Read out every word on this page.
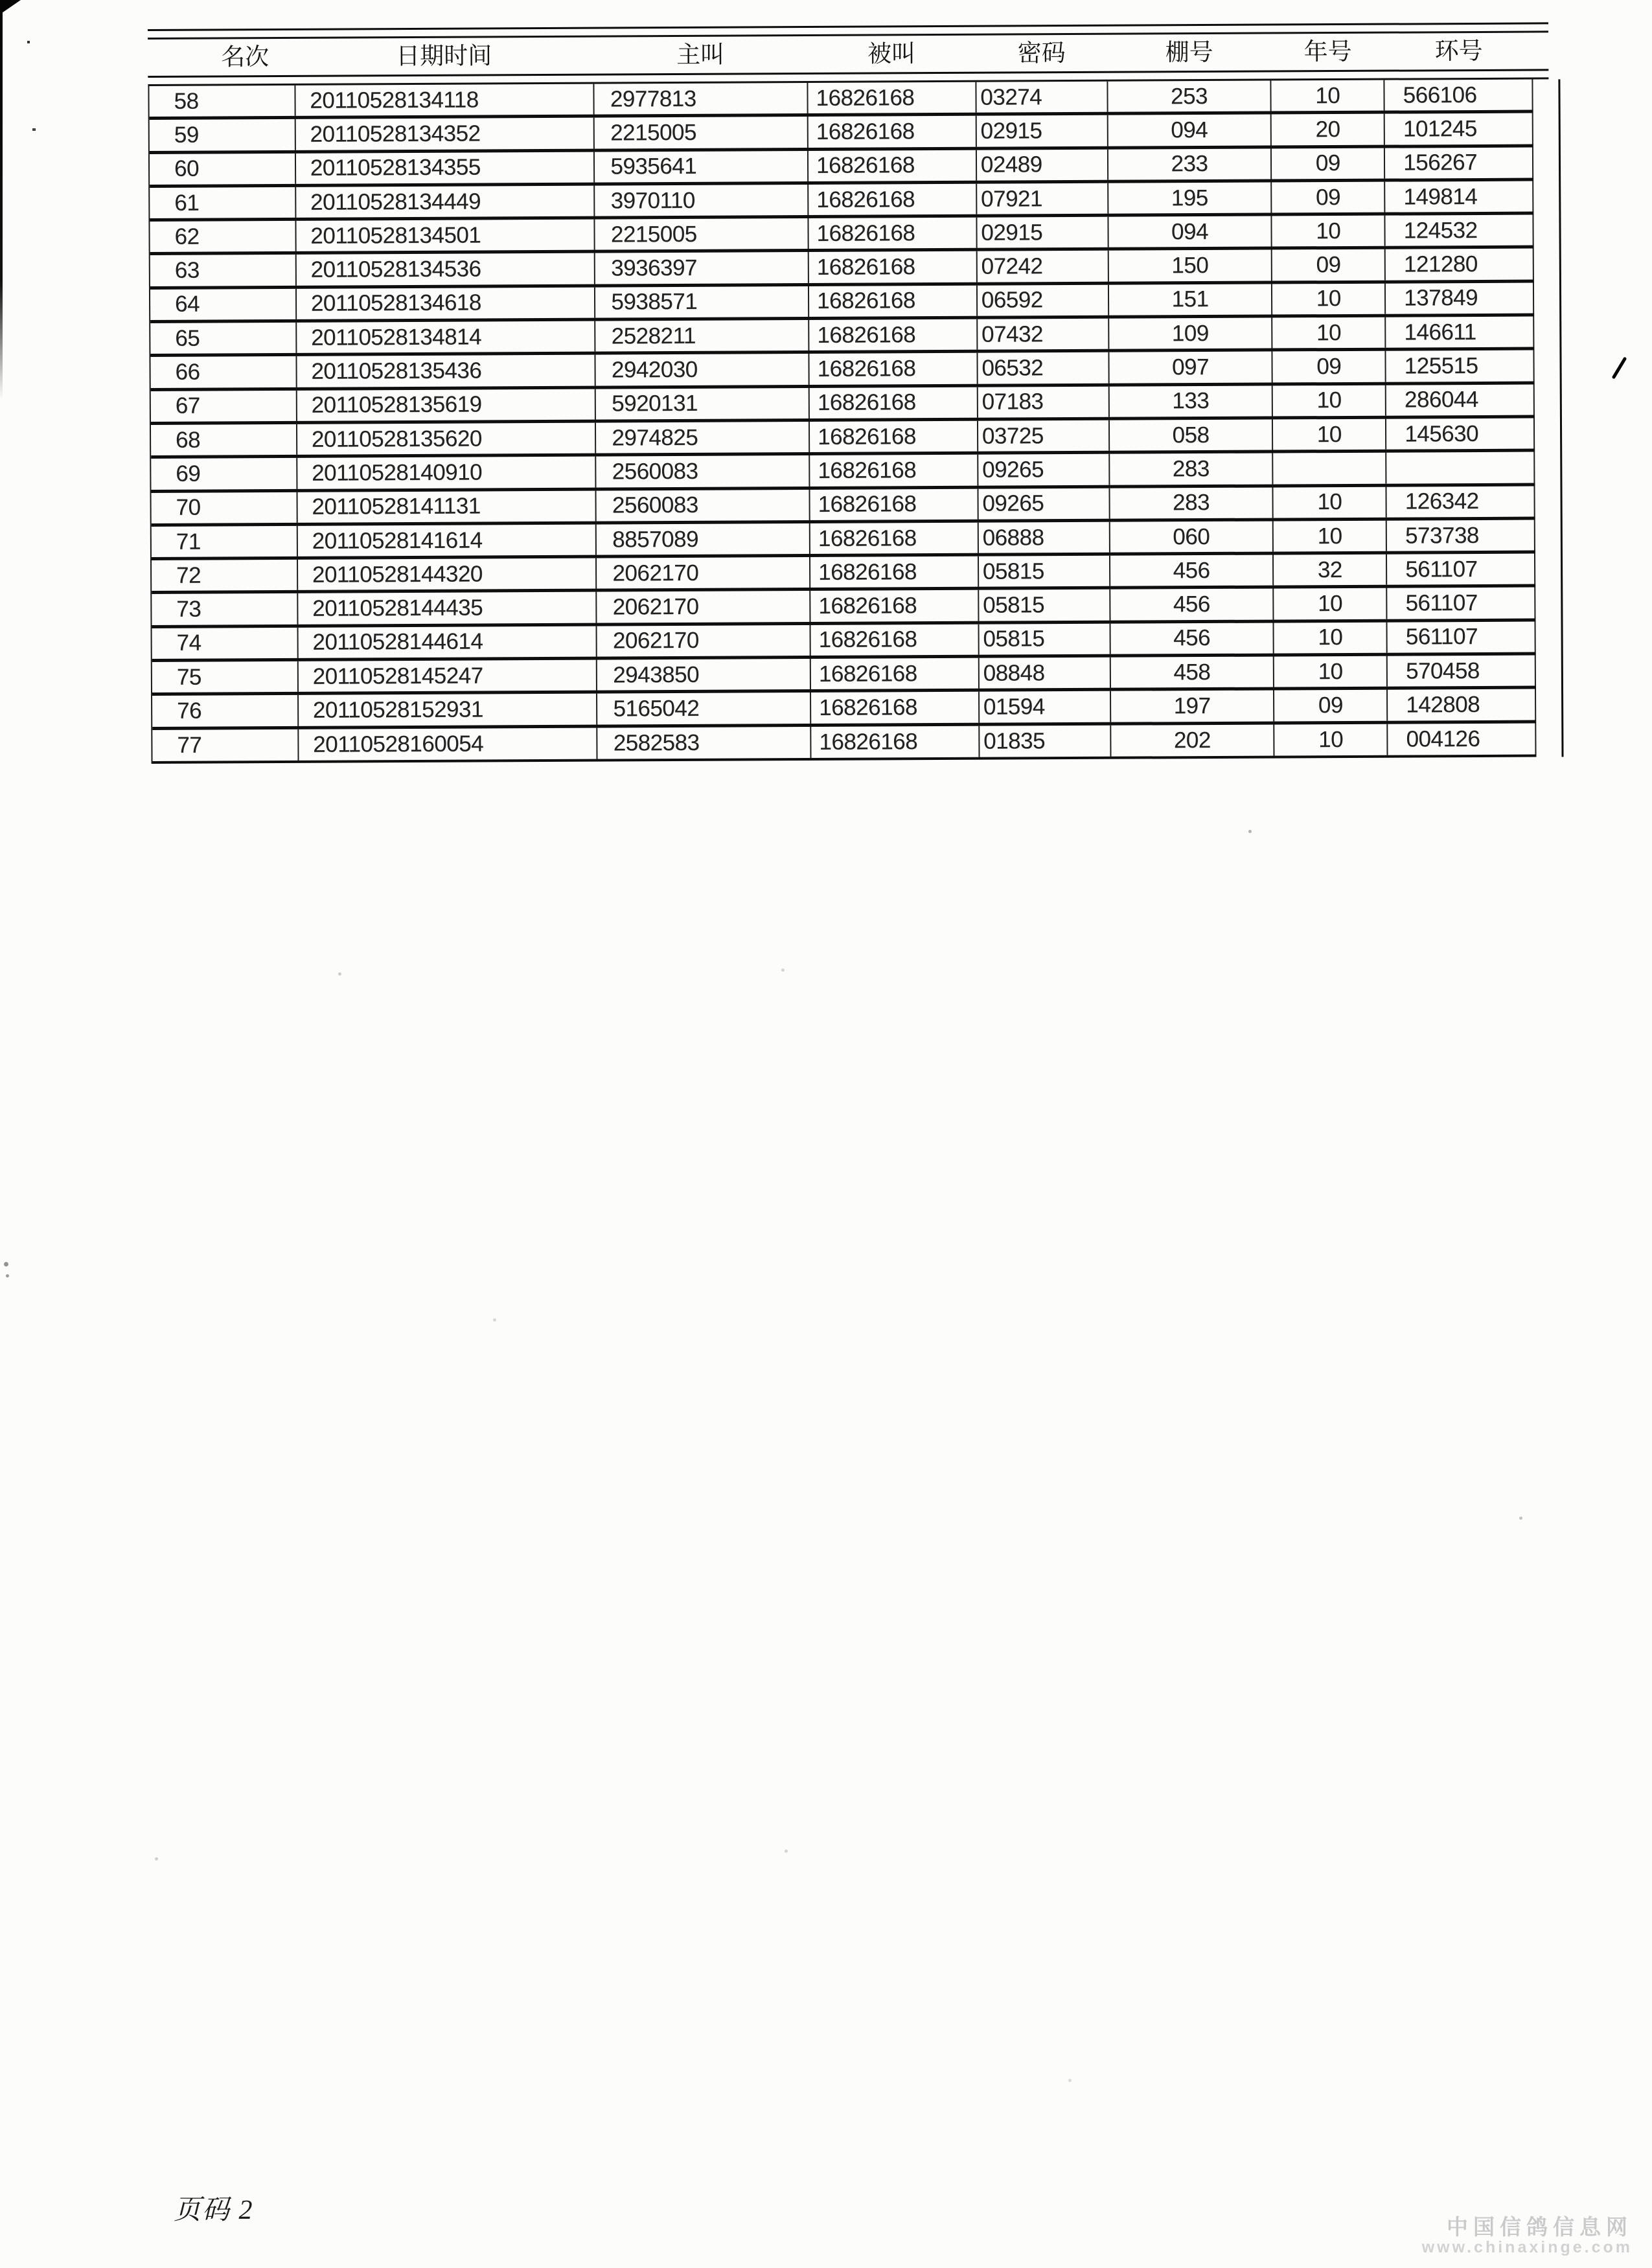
名次	日期时间	主叫	被叫	密码	棚号	年号	环号
58	20110528134118	2977813	16826168	03274	253	10	566106
59	20110528134352	2215005	16826168	02915	094	20	101245
60	20110528134355	5935641	16826168	02489	233	09	156267
61	20110528134449	3970110	16826168	07921	195	09	149814
62	20110528134501	2215005	16826168	02915	094	10	124532
63	20110528134536	3936397	16826168	07242	150	09	121280
64	20110528134618	5938571	16826168	06592	151	10	137849
65	20110528134814	2528211	16826168	07432	109	10	146611
66	20110528135436	2942030	16826168	06532	097	09	125515
67	20110528135619	5920131	16826168	07183	133	10	286044
68	20110528135620	2974825	16826168	03725	058	10	145630
69	20110528140910	2560083	16826168	09265	283
70	20110528141131	2560083	16826168	09265	283	10	126342
71	20110528141614	8857089	16826168	06888	060	10	573738
72	20110528144320	2062170	16826168	05815	456	32	561107
73	20110528144435	2062170	16826168	05815	456	10	561107
74	20110528144614	2062170	16826168	05815	456	10	561107
75	20110528145247	2943850	16826168	08848	458	10	570458
76	20110528152931	5165042	16826168	01594	197	09	142808
77	20110528160054	2582583	16826168	01835	202	10	004126
页码 2
中国信鸽信息网
www.chinaxinge.com
